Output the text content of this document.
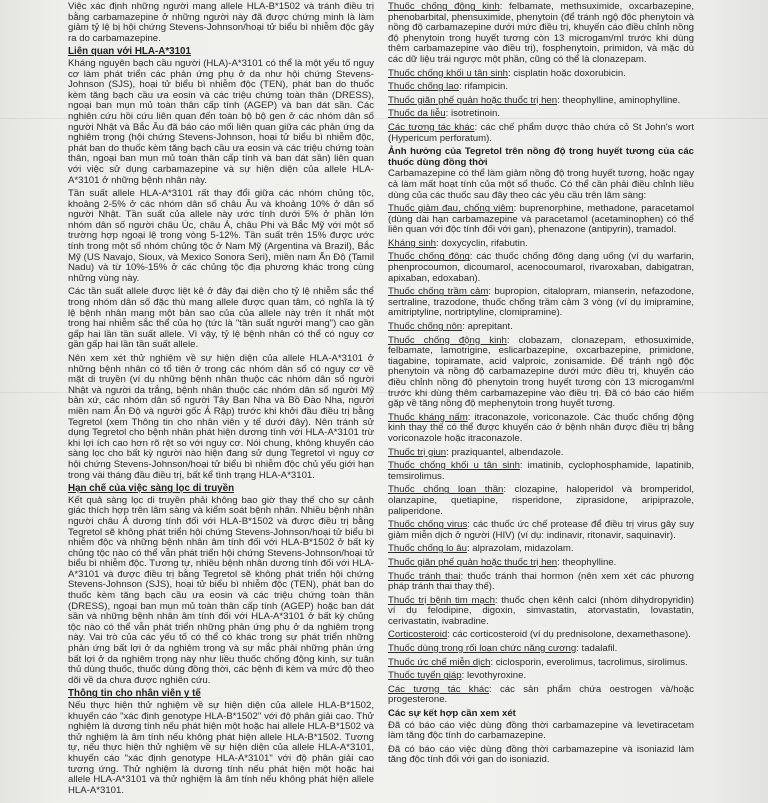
Việc xác định những người mang allele HLA-B*1502 và tránh điều trị bằng carbamazepine ở những người này đã được chứng minh là làm giảm tỷ lệ bị hội chứng Stevens-Johnson/hoại tử biểu bì nhiễm độc gây ra do carbamazepine.

Liên quan với HLA-A*3101

Kháng nguyên bạch cầu người (HLA)-A*3101 có thể là một yếu tố nguy cơ làm phát triển các phản ứng phụ ở da như hội chứng Stevens-Johnson (SJS), hoại tử biểu bì nhiễm độc (TEN), phát ban do thuốc kèm tăng bạch cầu ưa eosin và các triệu chứng toàn thân (DRESS), ngoại ban mụn mủ toàn thân cấp tính (AGEP) và ban dát sần. Các nghiên cứu hồi cứu liên quan đến toàn bộ bộ gen ở các nhóm dân số người Nhật và Bắc Âu đã báo cáo mối liên quan giữa các phản ứng da nghiêm trọng (hội chứng Stevens-Johnson, hoại tử biểu bì nhiễm độc, phát ban do thuốc kèm tăng bạch cầu ưa eosin và các triệu chứng toàn thân, ngoại ban mụn mủ toàn thân cấp tính và ban dát sần) liên quan với việc sử dụng carbamazepine và sự hiện diện của allele HLA-A*3101 ở những bệnh nhân này.

Tần suất allele HLA-A*3101 rất thay đổi giữa các nhóm chủng tộc, khoảng 2-5% ở các nhóm dân số châu Âu và khoảng 10% ở dân số người Nhật. Tần suất của allele này ước tính dưới 5% ở phần lớn nhóm dân số người châu Úc, châu Á, châu Phi và Bắc Mỹ với một số trường hợp ngoại lệ trong vòng 5-12%. Tần suất trên 15% được ước tính trong một số nhóm chủng tộc ở Nam Mỹ (Argentina và Brazil), Bắc Mỹ (US Navajo, Sioux, và Mexico Sonora Seri), miền nam Ấn Độ (Tamil Nadu) và từ 10%-15% ở các chủng tộc địa phương khác trong cùng những vùng này.

Các tần suất allele được liệt kê ở đây đại diện cho tỷ lệ nhiễm sắc thể trong nhóm dân số đặc thù mang allele được quan tâm, có nghĩa là tỷ lệ bệnh nhân mang một bản sao của của allele này trên ít nhất một trong hai nhiễm sắc thể của họ (tức là "tần suất người mang") cao gần gấp hai lần tần suất allele. Vì vậy, tỷ lệ bệnh nhân có thể có nguy cơ gần gấp hai lần tần suất allele.

Nên xem xét thử nghiệm về sự hiện diện của allele HLA-A*3101 ở những bệnh nhân có tổ tiên ở trong các nhóm dân số có nguy cơ về mặt di truyền (ví dụ những bệnh nhân thuộc các nhóm dân số người Nhật và người da trắng, bệnh nhân thuộc các nhóm dân số người Mỹ bản xứ, các nhóm dân số người Tây Ban Nha và Bồ Đào Nha, người miền nam Ấn Độ và người gốc Ả Rập) trước khi khởi đầu điều trị bằng Tegretol (xem Thông tin cho nhân viên y tế dưới đây). Nên tránh sử dụng Tegretol cho bệnh nhân phát hiện dương tính với HLA-A*3101 trừ khi lợi ích cao hơn rõ rệt so với nguy cơ. Nói chung, không khuyến cáo sàng lọc cho bất kỳ người nào hiện đang sử dụng Tegretol vì nguy cơ hội chứng Stevens-Johnson/hoại tử biểu bì nhiễm độc chủ yếu giới hạn trong vài tháng đầu điều trị, bất kể tình trạng HLA-A*3101.

Hạn chế của việc sàng lọc di truyền

Kết quả sàng lọc di truyền phải không bao giờ thay thế cho sự cảnh giác thích hợp trên lâm sàng và kiểm soát bệnh nhân. Nhiều bệnh nhân người châu Á dương tính đối với HLA-B*1502 và được điều trị bằng Tegretol sẽ không phát triển hội chứng Stevens-Johnson/hoại tử biểu bì nhiễm độc và những bệnh nhân âm tính đối với HLA-B*1502 ở bất kỳ chủng tộc nào có thể vẫn phát triển hội chứng Stevens-Johnson/hoại tử biểu bì nhiễm độc. Tương tự, nhiều bệnh nhân dương tính đối với HLA-A*3101 và được điều trị bằng Tegretol sẽ không phát triển hội chứng Stevens-Johnson (SJS), hoại tử biểu bì nhiễm độc (TEN), phát ban do thuốc kèm tăng bạch cầu ưa eosin và các triệu chứng toàn thân (DRESS), ngoại ban mụn mủ toàn thân cấp tính (AGEP) hoặc ban dát sần và những bệnh nhân âm tính đối với HLA-A*3101 ở bất kỳ chủng tộc nào có thể vẫn phát triển những phản ứng phụ ở da nghiêm trọng này. Vai trò của các yếu tố có thể có khác trong sự phát triển những phản ứng bất lợi ở da nghiêm trọng và sự mắc phải những phản ứng bất lợi ở da nghiêm trọng này như liều thuốc chống động kinh, sự tuân thủ dùng thuốc, thuốc dùng đồng thời, các bệnh đi kèm và mức độ theo dõi về da chưa được nghiên cứu.

Thông tin cho nhân viên y tế

Nếu thực hiện thử nghiệm về sự hiện diện của allele HLA-B*1502, khuyến cáo "xác định genotype HLA-B*1502" với độ phân giải cao. Thử nghiệm là dương tính nếu phát hiện một hoặc hai allele HLA-B*1502 và thử nghiệm là âm tính nếu không phát hiện allele HLA-B*1502. Tương tự, nếu thực hiện thử nghiệm về sự hiện diện của allele HLA-A*3101, khuyến cáo "xác định genotype HLA-A*3101" với độ phân giải cao tương ứng. Thử nghiệm là dương tính nếu phát hiện một hoặc hai allele HLA-A*3101 và thử nghiệm là âm tính nếu không phát hiện allele HLA-A*3101.

Thuốc chống động kinh: felbamate, methsuximide, oxcarbazepine, phenobarbital, phensuximide, phenytoin (để tránh ngộ độc phenytoin và nồng độ carbamazepine dưới mức điều trị, khuyến cáo điều chỉnh nồng độ phenytoin trong huyết tương còn 13 microgam/ml trước khi dùng thêm carbamazepine vào điều trị), fosphenytoin, primidon, và mặc dù các dữ liệu trái ngược một phần, cũng có thể là clonazepam.

Thuốc chống khối u tân sinh: cisplatin hoặc doxorubicin.

Thuốc chống lao: rifampicin.

Thuốc giãn phế quản hoặc thuốc trị hen: theophylline, aminophylline.

Thuốc da liễu: isotretinoin.

Các tương tác khác: các chế phẩm dược thảo chứa cỏ St John's wort (Hypericum perforatum).

Ảnh hưởng của Tegretol trên nồng độ trong huyết tương của các thuốc dùng đồng thời

Carbamazepine có thể làm giảm nồng độ trong huyết tương, hoặc ngay cả làm mất hoạt tính của một số thuốc. Có thể cần phải điều chỉnh liều dùng của các thuốc sau đây theo các yêu cầu trên lâm sàng:

Thuốc giảm đau, chống viêm: buprenorphine, methadone, paracetamol (dùng dài hạn carbamazepine và paracetamol (acetaminophen) có thể liên quan với độc tính đối với gan), phenazone (antipyrin), tramadol.

Kháng sinh: doxycyclin, rifabutin.

Thuốc chống đông: các thuốc chống đông dạng uống (ví dụ warfarin, phenprocoumon, dicoumarol, acenocoumarol, rivaroxaban, dabigatran, apixaban, edoxaban).

Thuốc chống trầm cảm: bupropion, citalopram, mianserin, nefazodone, sertraline, trazodone, thuốc chống trầm cảm 3 vòng (ví dụ imipramine, amitriptyline, nortriptyline, clomipramine).

Thuốc chống nôn: aprepitant.

Thuốc chống động kinh: clobazam, clonazepam, ethosuximide, felbamate, lamotrigine, eslicarbazepine, oxcarbazepine, primidone, tiagabine, topiramate, acid valproic, zonisamide. Để tránh ngộ độc phenytoin và nồng độ carbamazepine dưới mức điều trị, khuyến cáo điều chỉnh nồng độ phenytoin trong huyết tương còn 13 microgam/ml trước khi dùng thêm carbamazepine vào điều trị. Đã có báo cáo hiếm gặp về tăng nồng độ mephenytoin trong huyết tương.

Thuốc kháng nấm: itraconazole, voriconazole. Các thuốc chống động kinh thay thế có thể được khuyến cáo ở bệnh nhân được điều trị bằng voriconazole hoặc itraconazole.

Thuốc trị giun: praziquantel, albendazole.

Thuốc chống khối u tân sinh: imatinib, cyclophosphamide, lapatinib, temsirolimus.

Thuốc chống loạn thần: clozapine, haloperidol và bromperidol, olanzapine, quetiapine, risperidone, ziprasidone, aripiprazole, paliperidone.

Thuốc chống virus: các thuốc ức chế protease để điều trị virus gây suy giảm miễn dịch ở người (HIV) (ví dụ: indinavir, ritonavir, saquinavir).

Thuốc chống lo âu: alprazolam, midazolam.

Thuốc giãn phế quản hoặc thuốc trị hen: theophylline.

Thuốc tránh thai: thuốc tránh thai hormon (nên xem xét các phương pháp tránh thai thay thế).

Thuốc trị bệnh tim mạch: thuốc chẹn kênh calci (nhóm dihydropyridin) ví dụ felodipine, digoxin, simvastatin, atorvastatin, lovastatin, cerivastatin, ivabradine.

Corticosteroid: các corticosteroid (ví dụ prednisolone, dexamethasone).

Thuốc dùng trong rối loạn chức năng cương: tadalafil.

Thuốc ức chế miễn dịch: ciclosporin, everolimus, tacrolimus, sirolimus.

Thuốc tuyến giáp: levothyroxine.

Các tương tác khác: các sản phẩm chứa oestrogen và/hoặc progesterone.

Các sự kết hợp cần xem xét

Đã có báo cáo việc dùng đồng thời carbamazepine và levetiracetam làm tăng độc tính do carbamazepine.

Đã có báo cáo việc dùng đồng thời carbamazepine và isoniazid làm tăng độc tính đối với gan do isoniazid.
